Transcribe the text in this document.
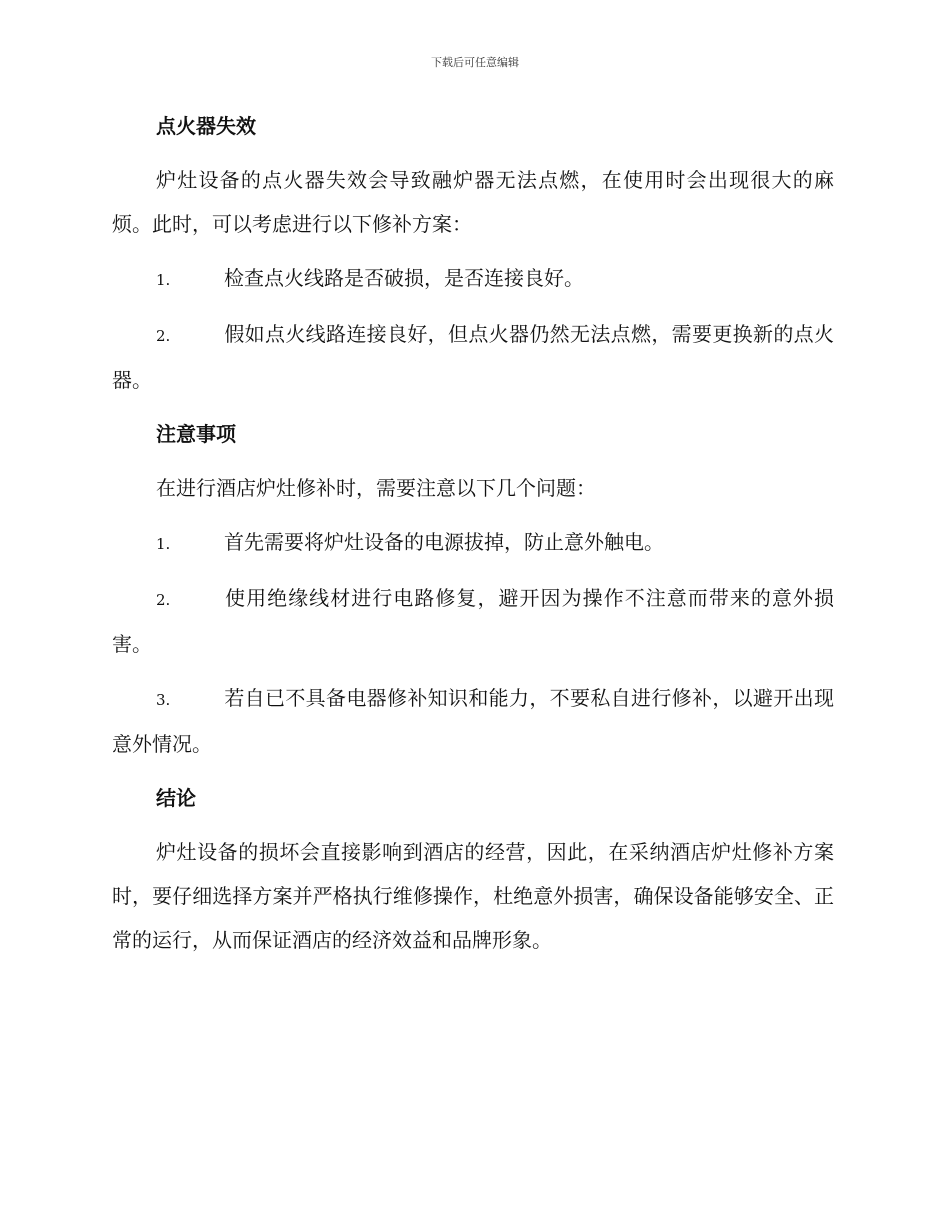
下载后可任意编辑
点火器失效

炉灶设备的点火器失效会导致融炉器无法点燃，在使用时会出现很大的麻烦。此时，可以考虑进行以下修补方案：

1.	检查点火线路是否破损，是否连接良好。

2.	假如点火线路连接良好，但点火器仍然无法点燃，需要更换新的点火器。

注意事项

在进行酒店炉灶修补时，需要注意以下几个问题：

1.	首先需要将炉灶设备的电源拔掉，防止意外触电。

2.	使用绝缘线材进行电路修复，避开因为操作不注意而带来的意外损害。

3.	若自已不具备电器修补知识和能力，不要私自进行修补，以避开出现意外情况。

结论

炉灶设备的损坏会直接影响到酒店的经营，因此，在采纳酒店炉灶修补方案时，要仔细选择方案并严格执行维修操作，杜绝意外损害，确保设备能够安全、正常的运行，从而保证酒店的经济效益和品牌形象。
